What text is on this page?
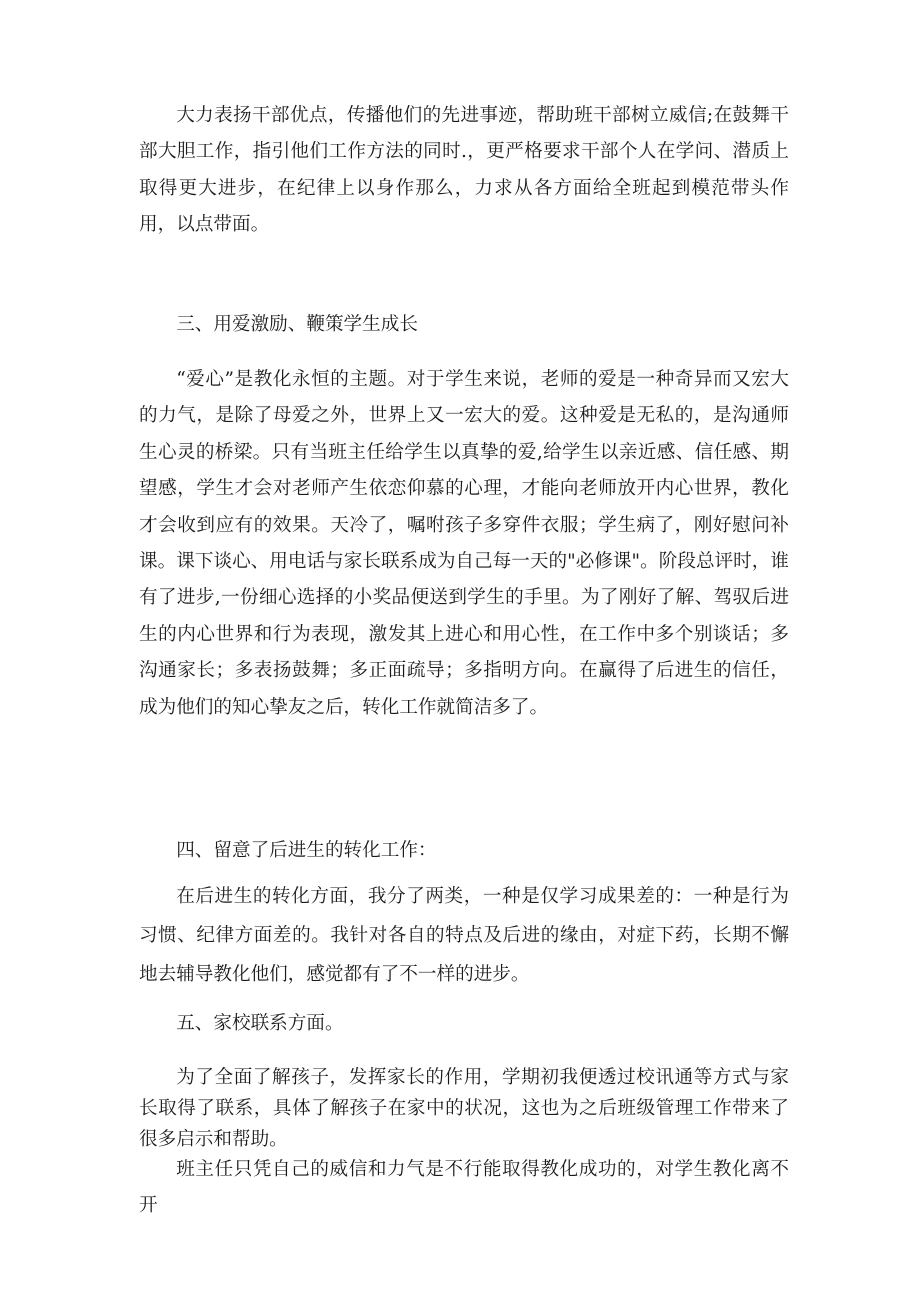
大力表扬干部优点，传播他们的先进事迹，帮助班干部树立威信;在鼓舞干部大胆工作，指引他们工作方法的同时.，更严格要求干部个人在学问、潜质上取得更大进步，在纪律上以身作那么，力求从各方面给全班起到模范带头作用，以点带面。

三、用爱激励、鞭策学生成长

“爱心”是教化永恒的主题。对于学生来说，老师的爱是一种奇异而又宏大的力气，是除了母爱之外，世界上又一宏大的爱。这种爱是无私的，是沟通师生心灵的桥梁。只有当班主任给学生以真挚的爱,给学生以亲近感、信任感、期望感，学生才会对老师产生依恋仰慕的心理，才能向老师放开内心世界，教化才会收到应有的效果。天冷了，嘱咐孩子多穿件衣服；学生病了，刚好慰问补课。课下谈心、用电话与家长联系成为自己每一天的"必修课"。阶段总评时，谁有了进步,一份细心选择的小奖品便送到学生的手里。为了刚好了解、驾驭后进生的内心世界和行为表现，激发其上进心和用心性，在工作中多个别谈话；多沟通家长；多表扬鼓舞；多正面疏导；多指明方向。在赢得了后进生的信任，成为他们的知心挚友之后，转化工作就简洁多了。

四、留意了后进生的转化工作：

在后进生的转化方面，我分了两类，一种是仅学习成果差的：一种是行为习惯、纪律方面差的。我针对各自的特点及后进的缘由，对症下药，长期不懈地去辅导教化他们，感觉都有了不一样的进步。

五、家校联系方面。

为了全面了解孩子，发挥家长的作用，学期初我便透过校讯通等方式与家长取得了联系，具体了解孩子在家中的状况，这也为之后班级管理工作带来了很多启示和帮助。

班主任只凭自己的威信和力气是不行能取得教化成功的，对学生教化离不开
